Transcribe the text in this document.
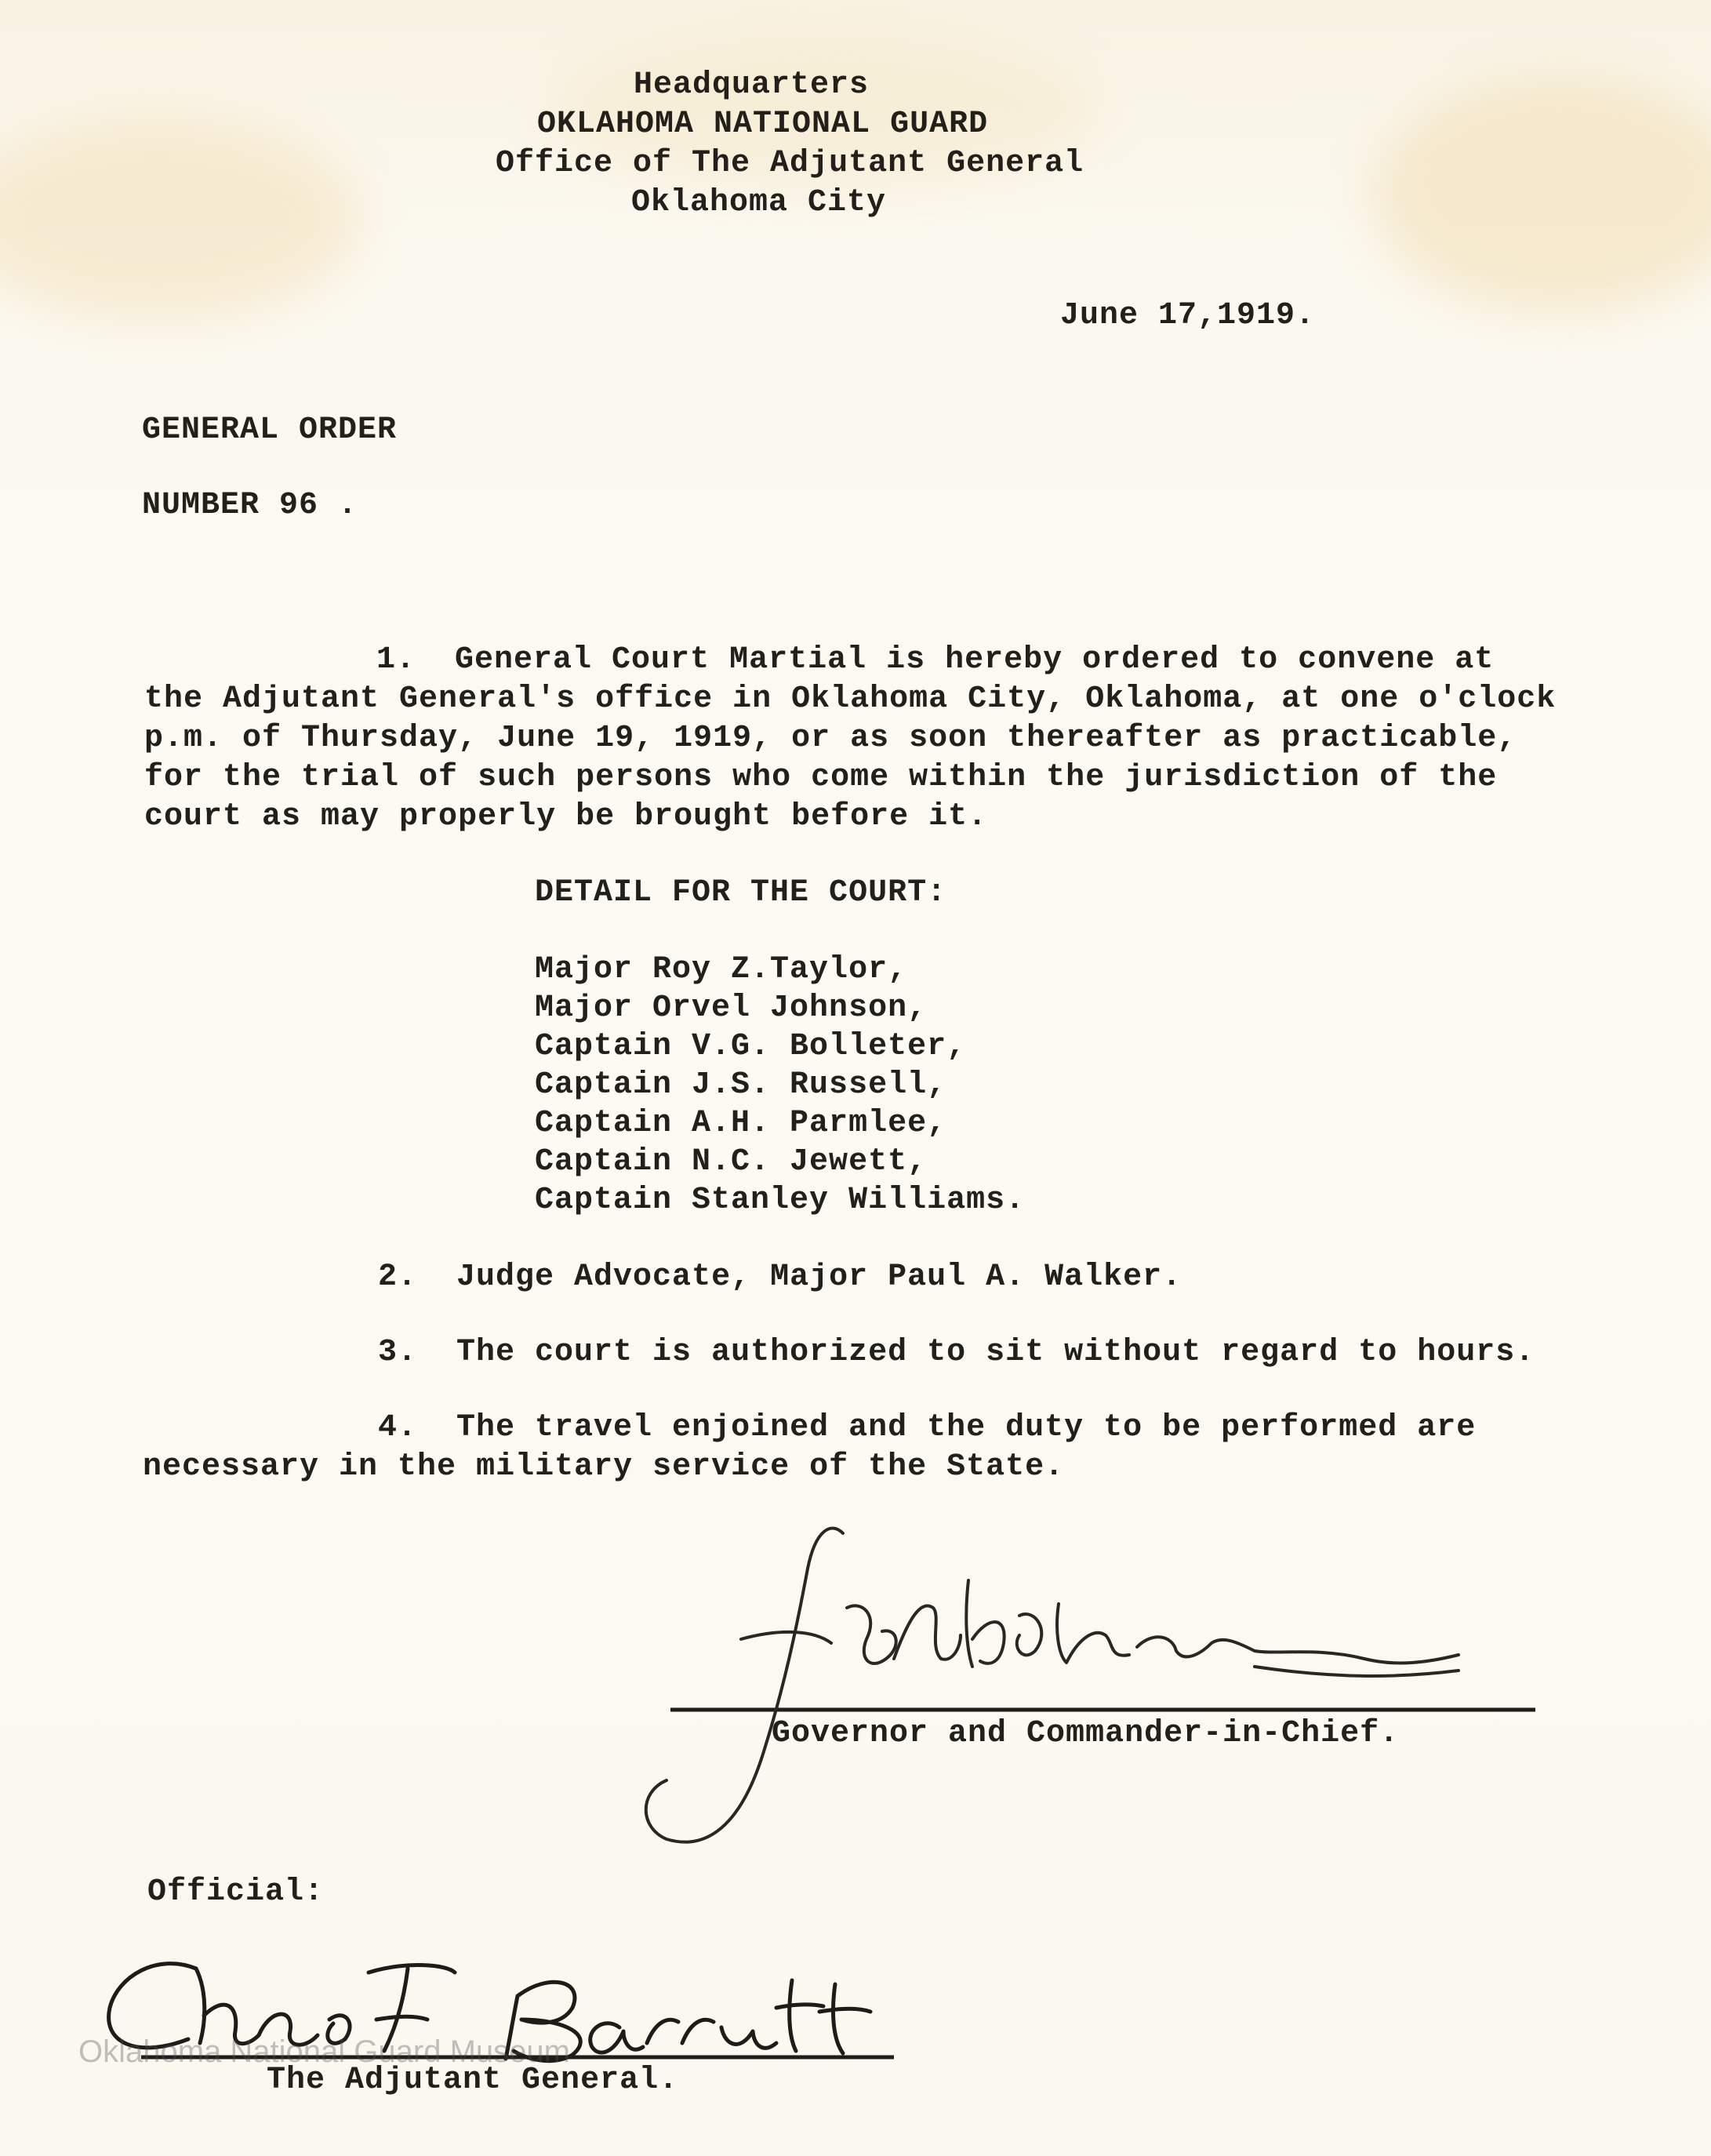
Headquarters
OKLAHOMA NATIONAL GUARD
Office of The Adjutant General
Oklahoma City
June 17,1919.
GENERAL ORDER
NUMBER 96 .
1.  General Court Martial is hereby ordered to convene at
the Adjutant General's office in Oklahoma City, Oklahoma, at one o'clock
p.m. of Thursday, June 19, 1919, or as soon thereafter as practicable,
for the trial of such persons who come within the jurisdiction of the
court as may properly be brought before it.
DETAIL FOR THE COURT:
Major Roy Z.Taylor,
Major Orvel Johnson,
Captain V.G. Bolleter,
Captain J.S. Russell,
Captain A.H. Parmlee,
Captain N.C. Jewett,
Captain Stanley Williams.
2.  Judge Advocate, Major Paul A. Walker.
3.  The court is authorized to sit without regard to hours.
4.  The travel enjoined and the duty to be performed are
necessary in the military service of the State.
Governor and Commander-in-Chief.
Official:
The Adjutant General.
Oklahoma National Guard Museum
